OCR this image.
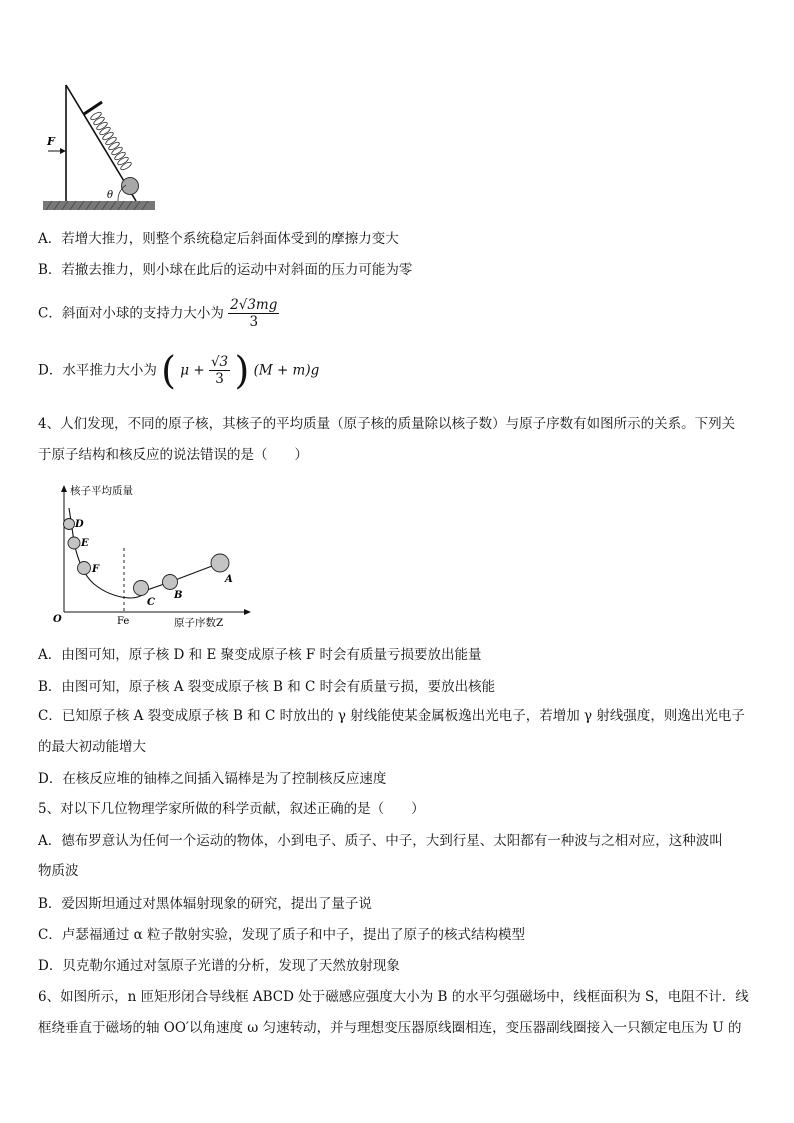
F
θ
A．若增大推力，则整个系统稳定后斜面体受到的摩擦力变大
B．若撤去推力，则小球在此后的运动中对斜面的压力可能为零
C．斜面对小球的支持力大小为 $\frac{2√3mg}{3}$
D．水平推力大小为 ( $\mu + \frac{√3}{3}$ ) (M + m)g
4、人们发现，不同的原子核，其核子的平均质量（原子核的质量除以核子数）与原子序数有如图所示的关系。下列关
于原子结构和核反应的说法错误的是（　　）
核子平均质量
原子序数Z
O	Fe
D
E
F
C
B
A
A．由图可知，原子核 D 和 E 聚变成原子核 F 时会有质量亏损要放出能量
B．由图可知，原子核 A 裂变成原子核 B 和 C 时会有质量亏损，要放出核能
C．已知原子核 A 裂变成原子核 B 和 C 时放出的 γ 射线能使某金属板逸出光电子，若增加 γ 射线强度，则逸出光电子
的最大初动能增大
D．在核反应堆的铀棒之间插入镉棒是为了控制核反应速度
5、对以下几位物理学家所做的科学贡献，叙述正确的是（　　）
A．德布罗意认为任何一个运动的物体，小到电子、质子、中子，大到行星、太阳都有一种波与之相对应，这种波叫
物质波
B．爱因斯坦通过对黑体辐射现象的研究，提出了量子说
C．卢瑟福通过 α 粒子散射实验，发现了质子和中子，提出了原子的核式结构模型
D．贝克勒尔通过对氢原子光谱的分析，发现了天然放射现象
6、如图所示，n 匝矩形闭合导线框 ABCD 处于磁感应强度大小为 B 的水平匀强磁场中，线框面积为 S，电阻不计．线
框绕垂直于磁场的轴 OO′以角速度 ω 匀速转动，并与理想变压器原线圈相连，变压器副线圈接入一只额定电压为 U 的
